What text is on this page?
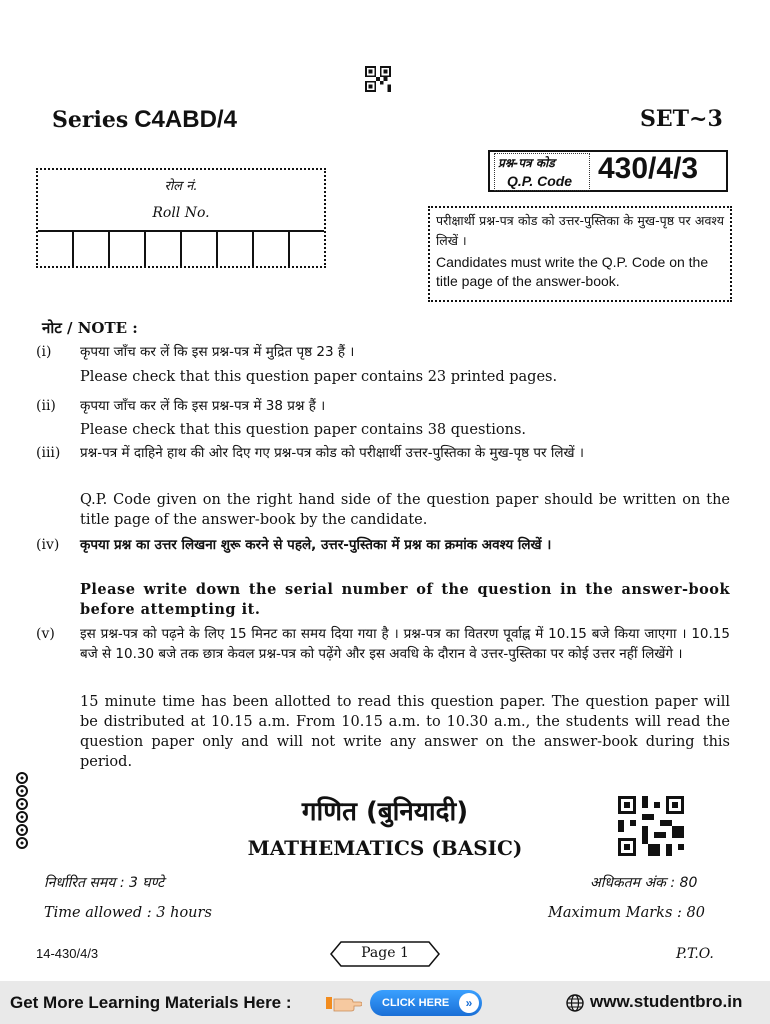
Series C4ABD/4	SET~3
प्रश्न-पत्र कोड
Q.P. Code 430/4/3
रोल नं.
Roll No.	परीक्षार्थी प्रश्न-पत्र कोड को उत्तर-पुस्तिका के मुख-पृष्ठ पर अवश्य लिखें ।
Candidates must write the Q.P. Code on the title page of the answer-book.
नोट / NOTE :
(i) कृपया जाँच कर लें कि इस प्रश्न-पत्र में मुद्रित पृष्ठ 23 हैं ।
Please check that this question paper contains 23 printed pages.
(ii) कृपया जाँच कर लें कि इस प्रश्न-पत्र में 38 प्रश्न हैं ।
Please check that this question paper contains 38 questions.
(iii) प्रश्न-पत्र में दाहिने हाथ की ओर दिए गए प्रश्न-पत्र कोड को परीक्षार्थी उत्तर-पुस्तिका के मुख-पृष्ठ पर लिखें ।
Q.P. Code given on the right hand side of the question paper should be written on the title page of the answer-book by the candidate.
(iv) कृपया प्रश्न का उत्तर लिखना शुरू करने से पहले, उत्तर-पुस्तिका में प्रश्न का क्रमांक अवश्य लिखें ।
Please write down the serial number of the question in the answer-book before attempting it.
(v) इस प्रश्न-पत्र को पढ़ने के लिए 15 मिनट का समय दिया गया है । प्रश्न-पत्र का वितरण पूर्वाह्न में 10.15 बजे किया जाएगा । 10.15 बजे से 10.30 बजे तक छात्र केवल प्रश्न-पत्र को पढ़ेंगे और इस अवधि के दौरान वे उत्तर-पुस्तिका पर कोई उत्तर नहीं लिखेंगे ।
15 minute time has been allotted to read this question paper. The question paper will be distributed at 10.15 a.m. From 10.15 a.m. to 10.30 a.m., the students will read the question paper only and will not write any answer on the answer-book during this period.
गणित (बुनियादी)
MATHEMATICS (BASIC)
निर्धारित समय : 3 घण्टे	अधिकतम अंक : 80
Time allowed : 3 hours	Maximum Marks : 80
14-430/4/3	Page 1	P.T.O.
Get More Learning Materials Here :	CLICK HERE	»	www.studentbro.in
